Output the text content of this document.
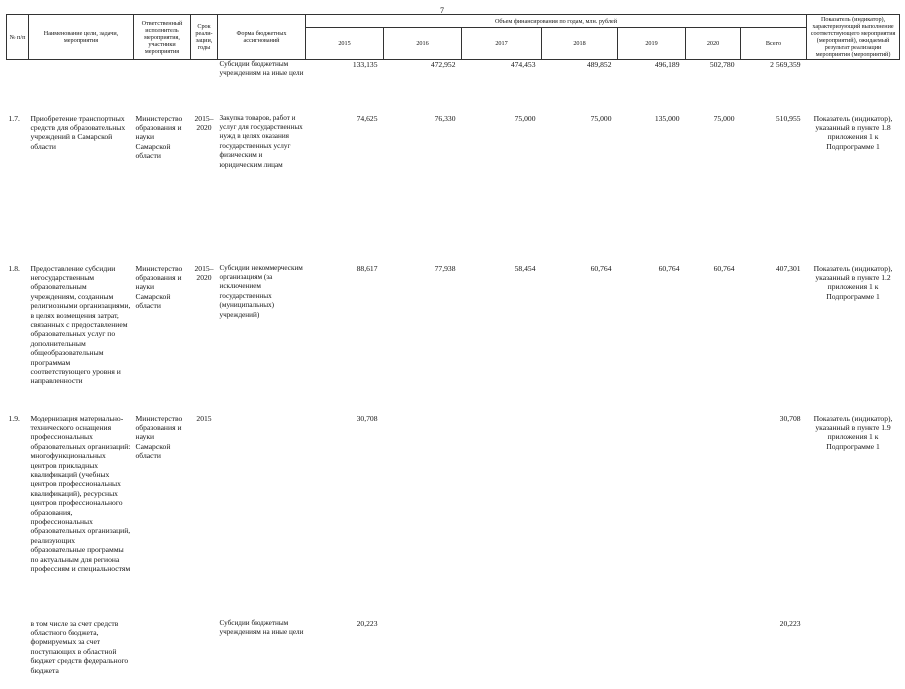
7
№ п/п	Наименование цели, задачи, мероприятия	Ответственный исполнитель мероприятия, участники мероприятия	Срок реали-зации, годы	Форма бюджетных ассигнований	Объем финансирования по годам, млн. рублей							Показатель (индикатор), характеризующий выполнение соответствующего мероприятия (мероприятий), ожидаемый результат реализации мероприятия (мероприятий)
					2015	2016	2017	2018	2019	2020	Всего	
				Субсидии бюджетным учреждениям на иные цели	133,135	472,952	474,453	489,852	496,189	502,780	2 569,359	
1.7.	Приобретение транспортных средств для образовательных учреждений в Самарской области	Министерство образования и науки Самарской области	2015–2020	Закупка товаров, работ и услуг для государственных нужд в целях оказания государственных услуг физическим и юридическим лицам	74,625	76,330	75,000	75,000	135,000	75,000	510,955	Показатель (индикатор), указанный в пункте 1.8 приложения 1 к Подпрограмме 1
1.8.	Предоставление субсидии негосударственным образовательным учреждениям, созданным религиозными организациями, в целях возмещения затрат, связанных с предоставлением образовательных услуг по дополнительным общеобразовательным программам соответствующего уровня и направленности	Министерство образования и науки Самарской области	2015–2020	Субсидии некоммерческим организациям (за исключением государственных (муниципальных) учреждений)	88,617	77,938	58,454	60,764	60,764	60,764	407,301	Показатель (индикатор), указанный в пункте 1.2 приложения 1 к Подпрограмме 1
1.9.	Модернизация материально-технического оснащения профессиональных образовательных организаций: многофункциональных центров прикладных квалификаций (учебных центров профессиональных квалификаций), ресурсных центров профессионального образования, профессиональных образовательных организаций, реализующих образовательные программы по актуальным для региона профессиям и специальностям	Министерство образования и науки Самарской области	2015		30,708						30,708	Показатель (индикатор), указанный в пункте 1.9 приложения 1 к Подпрограмме 1
	в том числе за счет средств областного бюджета, формируемых за счет поступающих в областной бюджет средств федерального бюджета			Субсидии бюджетным учреждениям на иные цели	20,223						20,223	
